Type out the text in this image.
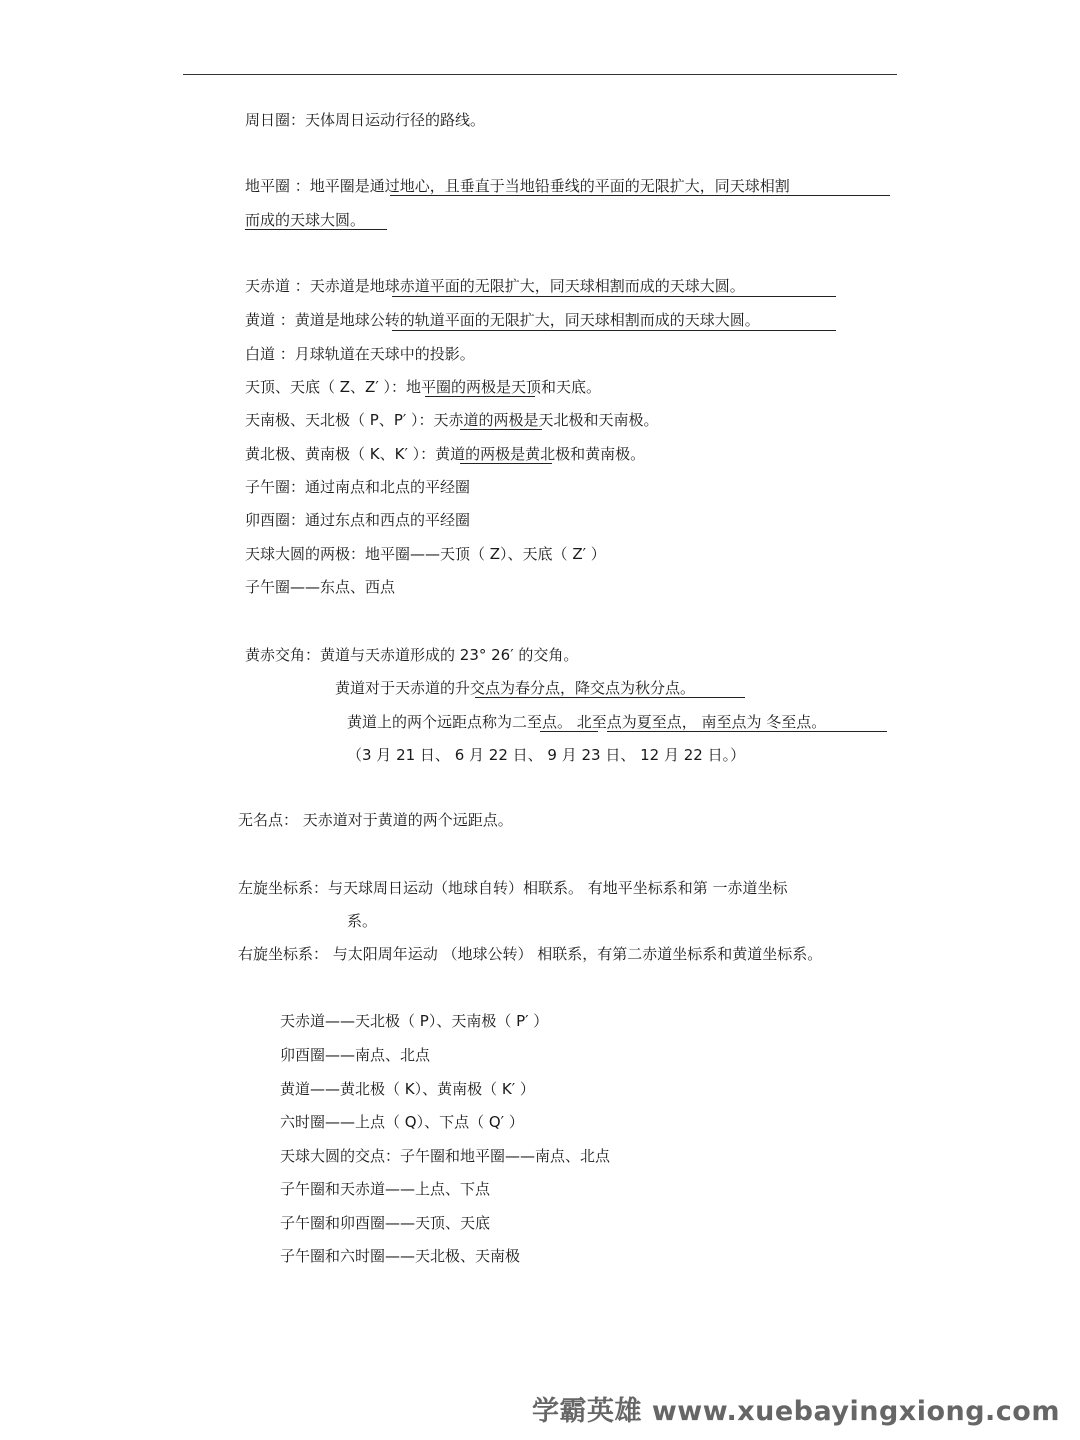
周日圈：天体周日运动行径的路线。
地平圈 ：地平圈是通过地心，且垂直于当地铅垂线的平面的无限扩大，同天球相割
而成的天球大圆。
天赤道 ：天赤道是地球赤道平面的无限扩大，同天球相割而成的天球大圆。
黄道 ：黄道是地球公转的轨道平面的无限扩大，同天球相割而成的天球大圆。
白道 ：月球轨道在天球中的投影。
天顶、天底（ Z、Z′ ）：地平圈的两极是天顶和天底。
天南极、天北极（ P、P′ ）：天赤道的两极是天北极和天南极。
黄北极、黄南极（ K、K′ ）：黄道的两极是黄北极和黄南极。
子午圈：通过南点和北点的平经圈
卯酉圈：通过东点和西点的平经圈
天球大圆的两极：地平圈——天顶（ Z）、天底（ Z′ ）
子午圈——东点、西点
黄赤交角：黄道与天赤道形成的 23° 26′ 的交角。
黄道对于天赤道的升交点为春分点，降交点为秋分点。
黄道上的两个远距点称为二至点。 北至点为夏至点， 南至点为 冬至点。
（3 月 21 日、 6 月 22 日、 9 月 23 日、 12 月 22 日。）
无名点： 天赤道对于黄道的两个远距点。
左旋坐标系：与天球周日运动（地球自转）相联系。 有地平坐标系和第 一赤道坐标
系。
右旋坐标系： 与太阳周年运动 （地球公转） 相联系，有第二赤道坐标系和黄道坐标系。
天赤道——天北极（ P）、天南极（ P′ ）
卯酉圈——南点、北点
黄道——黄北极（ K）、黄南极（ K′ ）
六时圈——上点（ Q）、下点（ Q′ ）
天球大圆的交点：子午圈和地平圈——南点、北点
子午圈和天赤道——上点、下点
子午圈和卯酉圈——天顶、天底
子午圈和六时圈——天北极、天南极
学霸英雄 www.xuebayingxiong.com
